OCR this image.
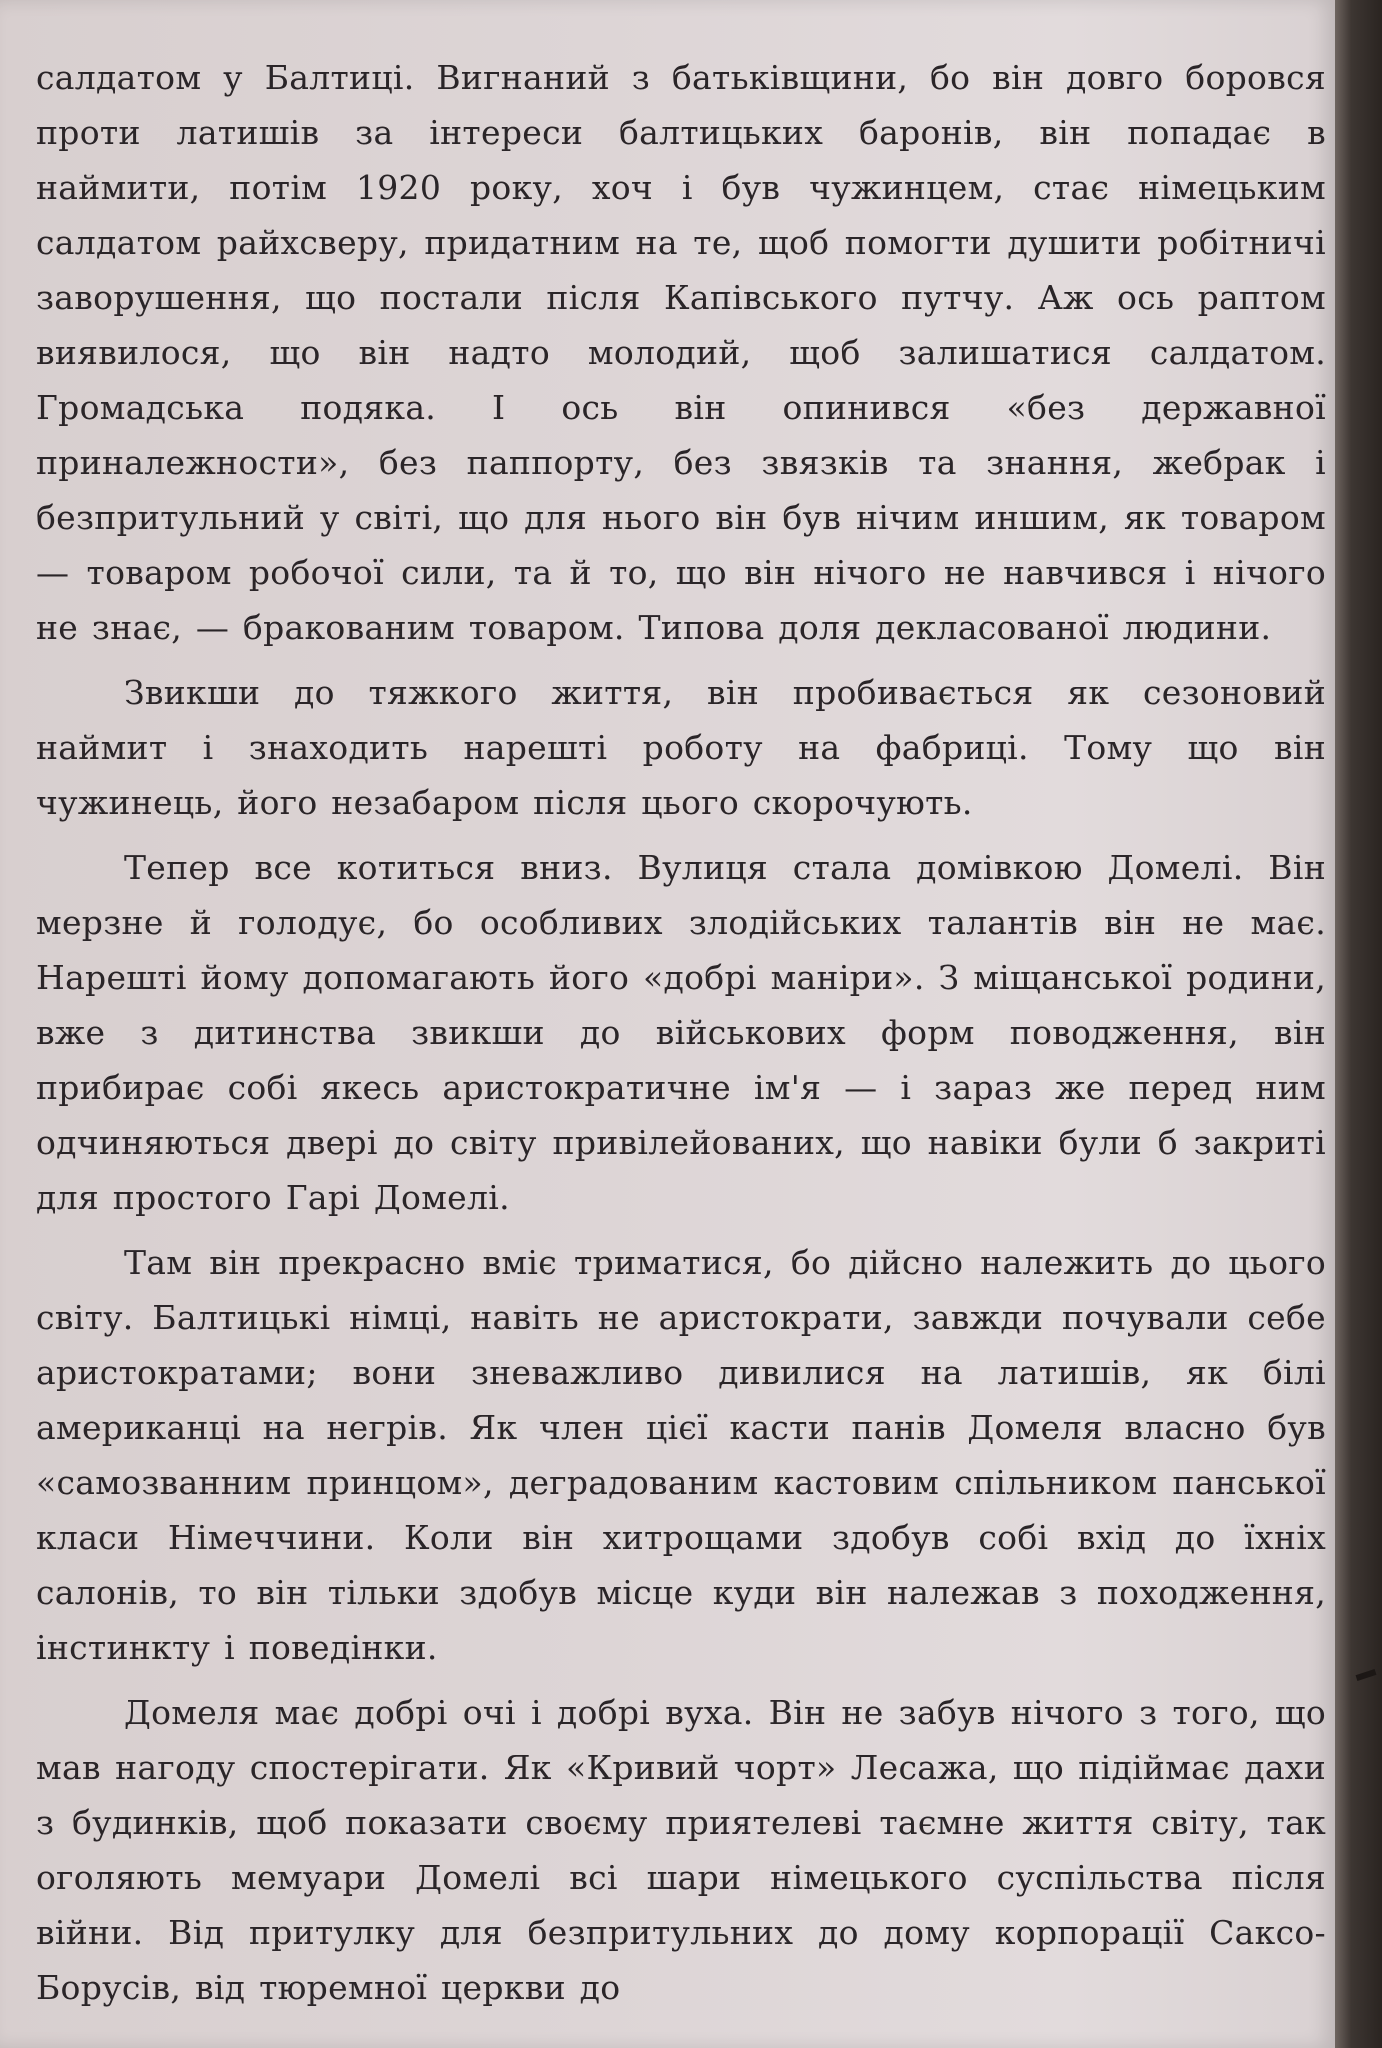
салдатом у Балтиці. Вигнаний з батьківщини, бо він довго боровся проти латишів за інтереси балтицьких баронів, він попадає в наймити, потім 1920 року, хоч і був чужинцем, стає німецьким салдатом райхсверу, придатним на те, щоб помогти душити робітничі заворушення, що постали після Капівського путчу. Аж ось раптом виявилося, що він надто молодий, щоб залишатися салдатом. Громадська подяка. І ось він опинився «без державної приналежности», без паппорту, без звязків та знання, жебрак і безпритульний у світі, що для нього він був нічим иншим, як товаром — товаром робочої сили, та й то, що він нічого не навчився і нічого не знає, — бракованим товаром. Типова доля декласованої людини.

Звикши до тяжкого життя, він пробивається як сезоновий наймит і знаходить нарешті роботу на фабриці. Тому що він чужинець, його незабаром після цього скорочують.

Тепер все котиться вниз. Вулиця стала домівкою Домелі. Він мерзне й голодує, бо особливих злодійських талантів він не має. Нарешті йому допомагають його «добрі маніри». З міщанської родини, вже з дитинства звикши до військових форм поводження, він прибирає собі якесь аристократичне ім'я — і зараз же перед ним одчиняються двері до світу привілейованих, що навіки були б закриті для простого Гарі Домелі.

Там він прекрасно вміє триматися, бо дійсно належить до цього світу. Балтицькі німці, навіть не аристократи, завжди почували себе аристократами; вони зневажливо дивилися на латишів, як білі американці на негрів. Як член цієї касти панів Домеля власно був «самозванним принцом», деградованим кастовим спільником панської класи Німеччини. Коли він хитрощами здобув собі вхід до їхніх салонів, то він тільки здобув місце куди він належав з походження, інстинкту і поведінки.

Домеля має добрі очі і добрі вуха. Він не забув нічого з того, що мав нагоду спостерігати. Як «Кривий чорт» Лесажа, що підіймає дахи з будинків, щоб показати своєму приятелеві таємне життя світу, так оголяють мемуари Домелі всі шари німецького суспільства після війни. Від притулку для безпритульних до дому корпорації Саксо-Борусів, від тюремної церкви до
